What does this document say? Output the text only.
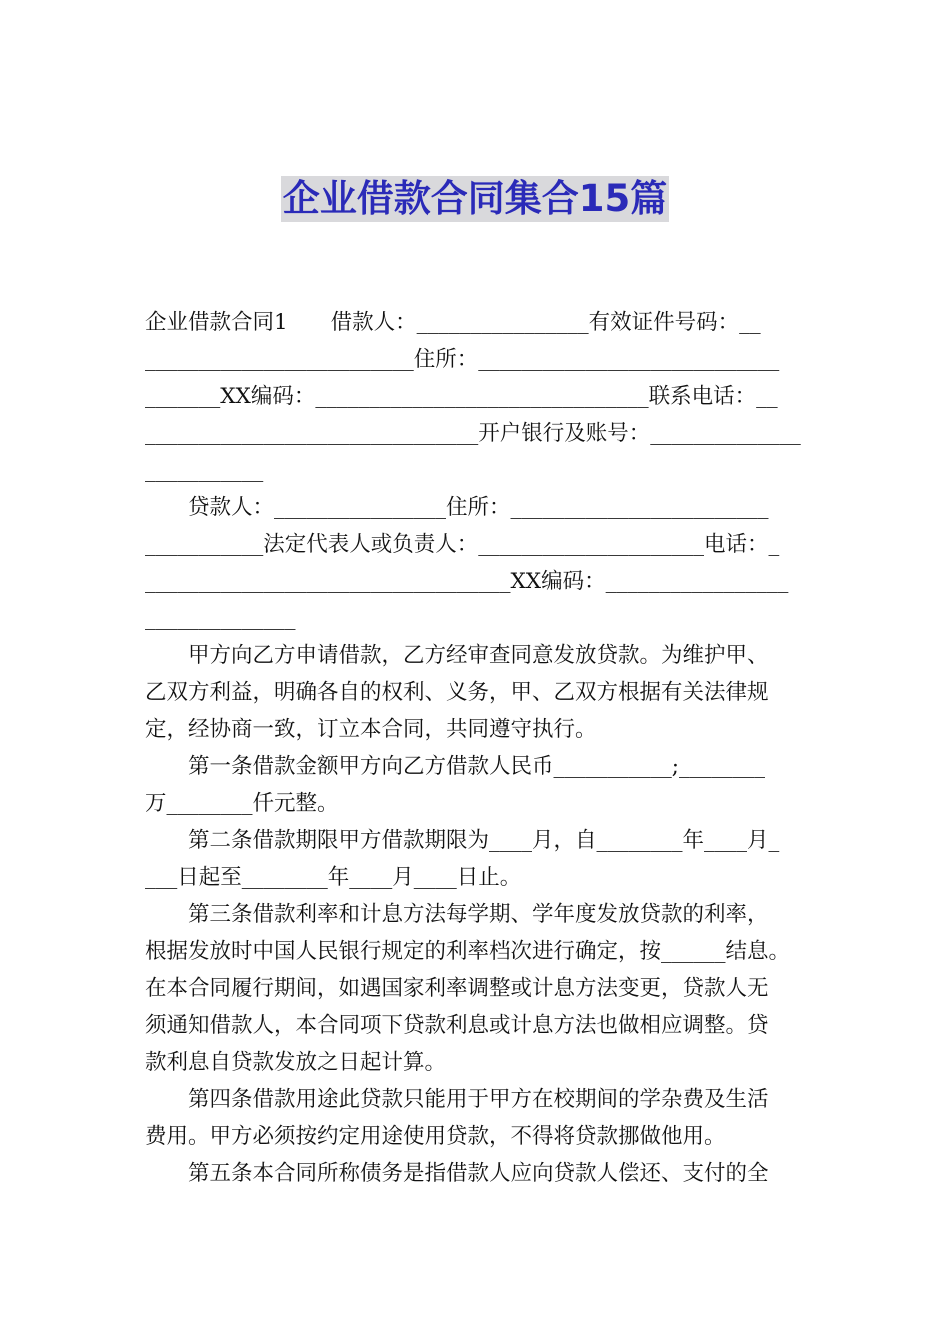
企业借款合同集合15篇
企业借款合同1　　借款人：________________有效证件号码：__
_________________________住所：____________________________
_______XX编码：_______________________________联系电话：__
_______________________________开户银行及账号：______________
___________
　　贷款人：________________住所：________________________
___________法定代表人或负责人：_____________________电话：_
__________________________________XX编码：_________________
______________
　　甲方向乙方申请借款，乙方经审查同意发放贷款。为维护甲、
乙双方利益，明确各自的权利、义务，甲、乙双方根据有关法律规
定，经协商一致，订立本合同，共同遵守执行。
　　第一条借款金额甲方向乙方借款人民币___________;________
万________仟元整。
　　第二条借款期限甲方借款期限为____月，自________年____月_
___日起至________年____月____日止。
　　第三条借款利率和计息方法每学期、学年度发放贷款的利率，
根据发放时中国人民银行规定的利率档次进行确定，按______结息。
在本合同履行期间，如遇国家利率调整或计息方法变更，贷款人无
须通知借款人，本合同项下贷款利息或计息方法也做相应调整。贷
款利息自贷款发放之日起计算。
　　第四条借款用途此贷款只能用于甲方在校期间的学杂费及生活
费用。甲方必须按约定用途使用贷款，不得将贷款挪做他用。
　　第五条本合同所称债务是指借款人应向贷款人偿还、支付的全
